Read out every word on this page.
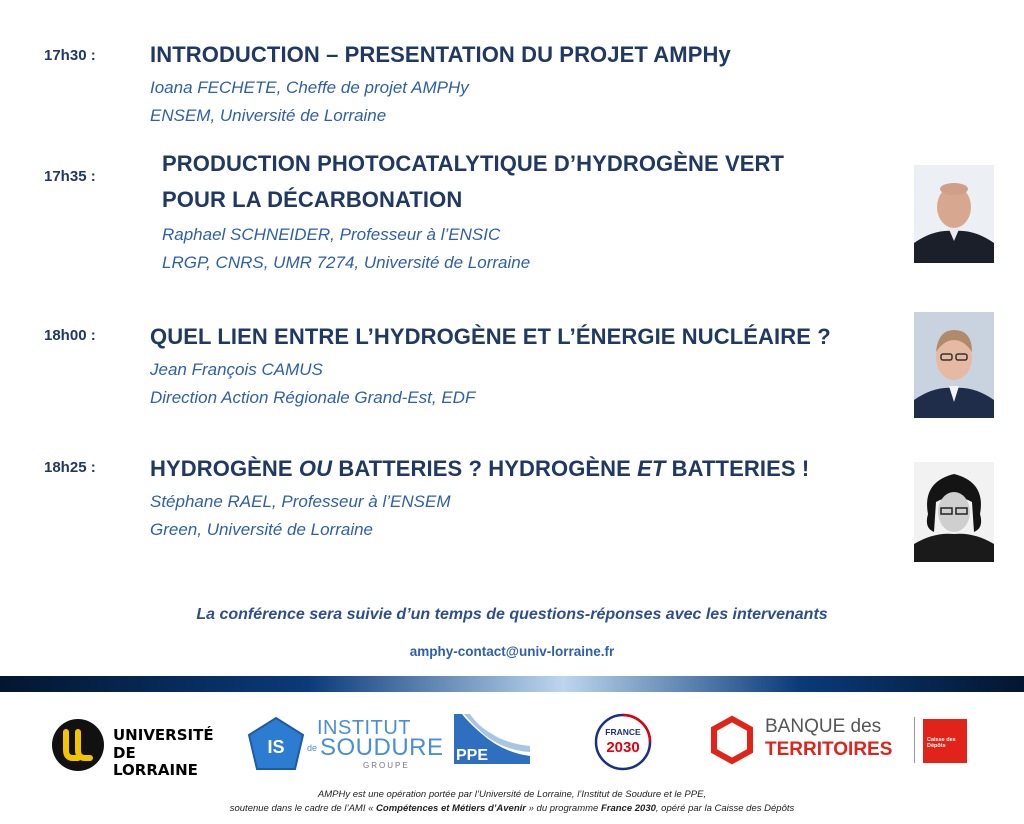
17h30 : INTRODUCTION – PRESENTATION DU PROJET AMPHy
Ioana FECHETE, Cheffe de projet AMPHy
ENSEM, Université de Lorraine
17h35 :
PRODUCTION PHOTOCATALYTIQUE D’HYDROGÈNE VERT
POUR LA DÉCARBONATION
Raphael SCHNEIDER, Professeur à l’ENSIC
LRGP, CNRS, UMR 7274, Université de Lorraine
18h00 : QUEL LIEN ENTRE L’HYDROGÈNE ET L’ÉNERGIE NUCLÉAIRE ?
Jean François CAMUS
Direction Action Régionale Grand-Est, EDF
18h25 : HYDROGÈNE OU BATTERIES ? HYDROGÈNE ET BATTERIES !
Stéphane RAEL, Professeur à l’ENSEM
Green, Université de Lorraine
La conférence sera suivie d’un temps de questions-réponses avec les intervenants
amphy-contact@univ-lorraine.fr
UNIVERSITÉ
DE LORRAINE
IS
INSTITUT
de SOUDURE
GROUPE
PPE
FRANCE
2030
BANQUE des
TERRITOIRES	Caisse des Dépôts
AMPHy est une opération portée par l’Université de Lorraine, l’Institut de Soudure et le PPE,
soutenue dans le cadre de l’AMI « Compétences et Métiers d’Avenir » du programme France 2030, opéré par la Caisse des Dépôts
